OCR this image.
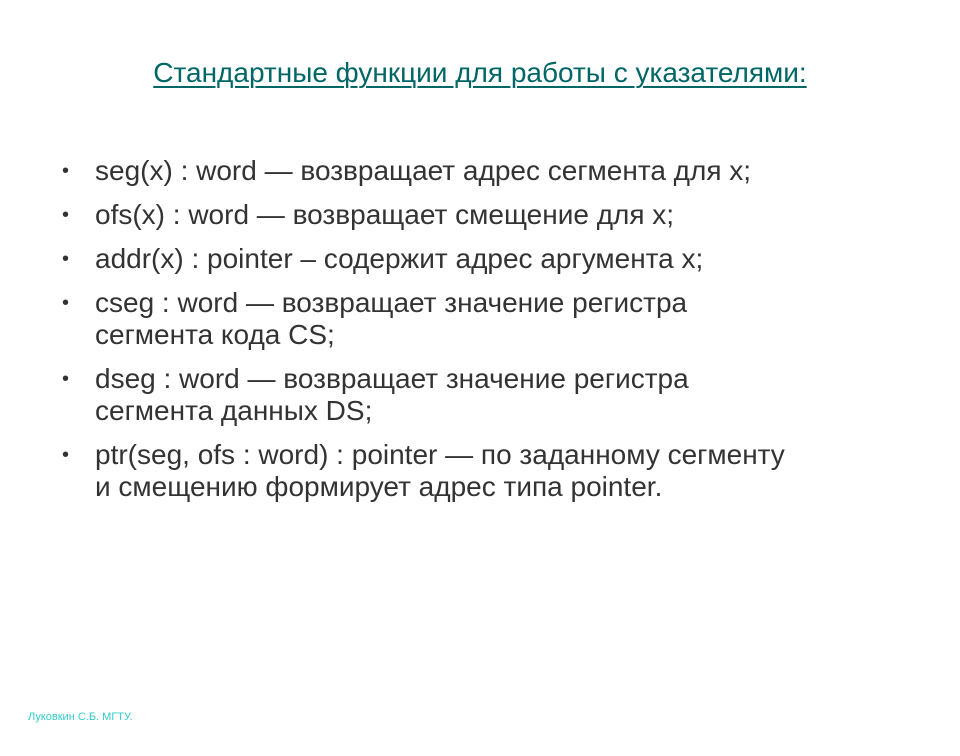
Стандартные функции для работы с указателями:
• seg(x) : word — возвращает адрес сегмента для x;
• ofs(x) : word — возвращает смещение для x;
• addr(x) : pointer – содержит адрес аргумента x;
• cseg : word — возвращает значение регистра
сегмента кода CS;
• dseg : word — возвращает значение регистра
сегмента данных DS;
• ptr(seg, ofs : word) : pointer — по заданному сегменту
и смещению формирует адрес типа pointer.
Луковкин С.Б. МГТУ.
